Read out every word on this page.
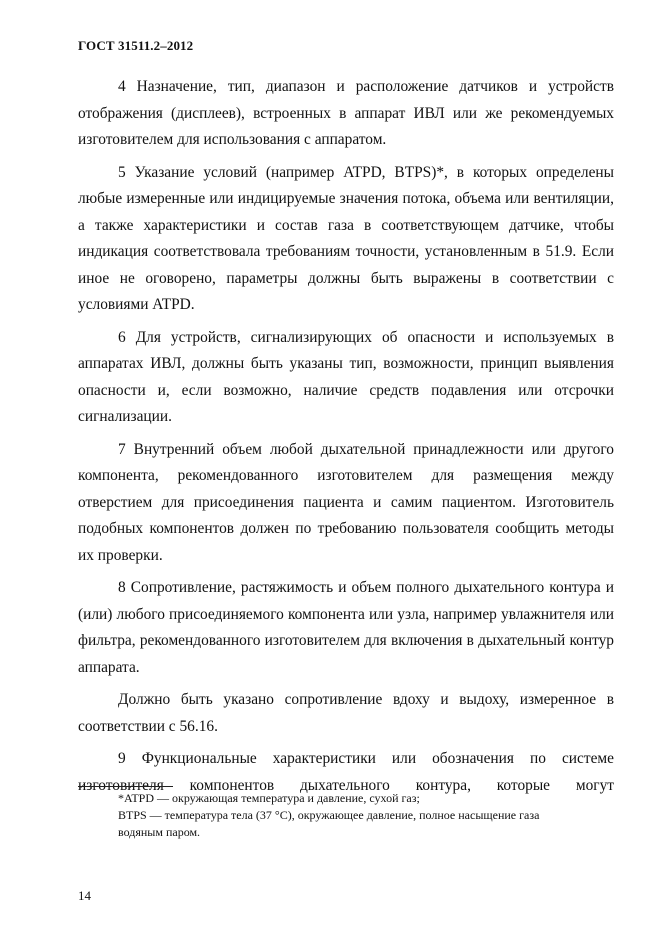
ГОСТ 31511.2–2012

4 Назначение, тип, диапазон и расположение датчиков и устройств отображения (дисплеев), встроенных в аппарат ИВЛ или же рекомендуемых изготовителем для использования с аппаратом.

5 Указание условий (например ATPD, BTPS)*, в которых определены любые измеренные или индицируемые значения потока, объема или вентиляции, а также характеристики и состав газа в соответствующем датчике, чтобы индикация соответствовала требованиям точности, установленным в 51.9. Если иное не оговорено, параметры должны быть выражены в соответствии с условиями ATPD.

6 Для устройств, сигнализирующих об опасности и используемых в аппаратах ИВЛ, должны быть указаны тип, возможности, принцип выявления опасности и, если возможно, наличие средств подавления или отсрочки сигнализации.

7 Внутренний объем любой дыхательной принадлежности или другого компонента, рекомендованного изготовителем для размещения между отверстием для присоединения пациента и самим пациентом. Изготовитель подобных компонентов должен по требованию пользователя сообщить методы их проверки.

8 Сопротивление, растяжимость и объем полного дыхательного контура и (или) любого присоединяемого компонента или узла, например увлажнителя или фильтра, рекомендованного изготовителем для включения в дыхательный контур аппарата.

Должно быть указано сопротивление вдоху и выдоху, измеренное в соответствии с 56.16.

9 Функциональные характеристики или обозначения по системе изготовителя компонентов дыхательного контура, которые могут

*ATPD –– окружающая температура и давление, сухой газ;
BTPS –– температура тела (37 °C), окружающее давление, полное насыщение газа
водяным паром.
14
